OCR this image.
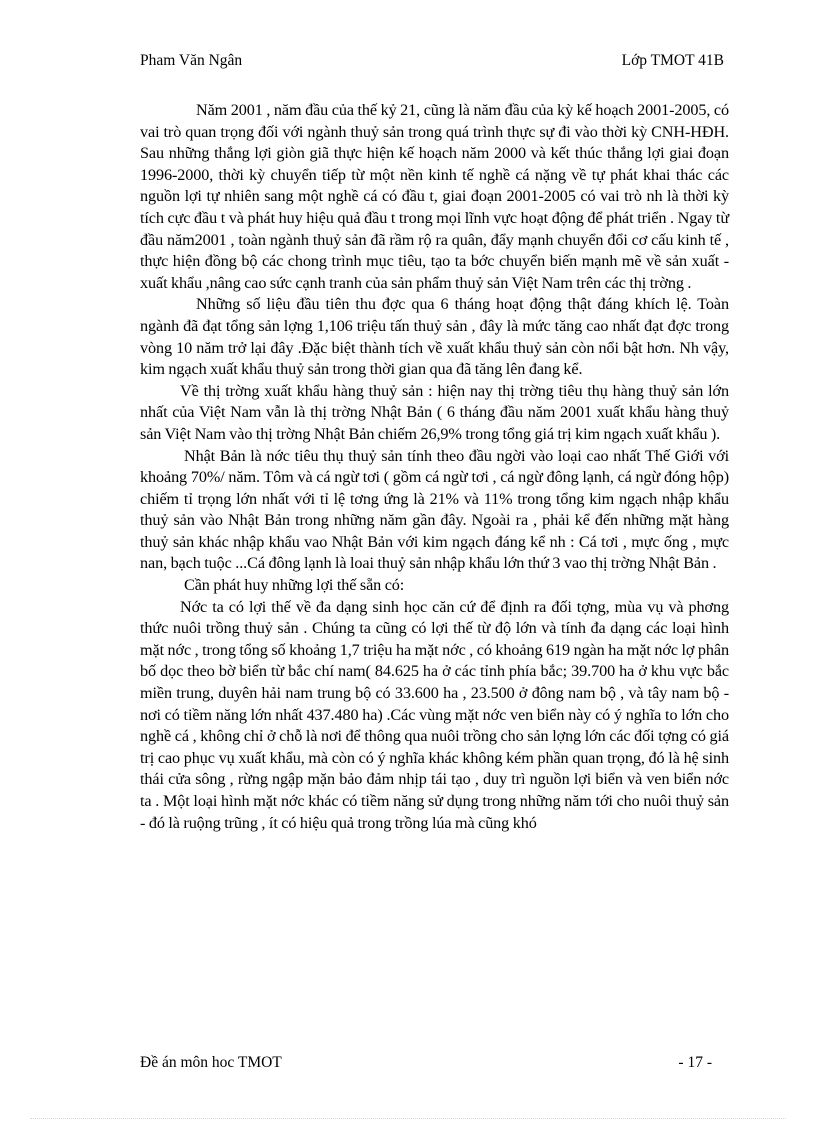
Pham Văn Ngân	Lớp TMOT 41B

Năm 2001 , năm đầu của thế kỷ 21, cũng là năm đầu của kỳ kế hoạch 2001-2005, có vai trò quan trọng đối với ngành thuỷ sản trong quá trình thực sự đi vào thời kỳ CNH-HĐH. Sau những thắng lợi giòn giã thực hiện kế hoạch năm 2000 và kết thúc thắng lợi giai đoạn 1996-2000, thời kỳ chuyển tiếp từ một nền kinh tế nghề cá nặng về tự phát khai thác các nguồn lợi tự nhiên sang một nghề cá có đầu t, giai đoạn 2001-2005 có vai trò nh là thời kỳ tích cực đầu t và phát huy hiệu quả đầu t trong mọi lĩnh vực hoạt động để phát triển . Ngay từ đầu năm2001 , toàn ngành thuỷ sản đã rầm rộ ra quân, đẩy mạnh chuyển đổi cơ cấu kinh tế , thực hiện đồng bộ các chong trình mục tiêu, tạo ta bớc chuyển biến mạnh mẽ về sản xuất -xuất khẩu ,nâng cao sức cạnh tranh của sản phẩm thuỷ sản Việt Nam trên các thị trờng .

Những số liệu đầu tiên thu đợc qua 6 tháng hoạt động thật đáng khích lệ. Toàn ngành đã đạt tổng sản lợng 1,106 triệu tấn thuỷ sản , đây là mức tăng cao nhất đạt đợc trong vòng 10 năm trở lại đây .Đặc biệt thành tích về xuất khẩu thuỷ sản còn nổi bật hơn. Nh vậy, kim ngạch xuất khẩu thuỷ sản trong thời gian qua đã tăng lên đang kể.

Về thị trờng xuất khẩu hàng thuỷ sản : hiện nay thị trờng tiêu thụ hàng thuỷ sản lớn nhất của Việt Nam vẫn là thị trờng Nhật Bản ( 6 tháng đầu năm 2001 xuất khẩu hàng thuỷ sản Việt Nam vào thị trờng Nhật Bản chiếm 26,9% trong tổng giá trị kim ngạch xuất khẩu ).

Nhật Bản là nớc tiêu thụ thuỷ sản tính theo đầu ngời vào loại cao nhất Thế Giới với khoảng 70%/ năm. Tôm và cá ngừ tơi ( gồm cá ngừ tơi , cá ngừ đông lạnh, cá ngừ đóng hộp) chiếm tỉ trọng lớn nhất với tỉ lệ tơng ứng là 21% và 11% trong tổng kim ngạch nhập khẩu thuỷ sản vào Nhật Bản trong những năm gần đây. Ngoài ra , phải kể đến những mặt hàng thuỷ sản khác nhập khẩu vao Nhật Bản với kim ngạch đáng kể nh : Cá tơi , mực ống , mực nan, bạch tuộc ...Cá đông lạnh là loai thuỷ sản nhập khẩu lớn thứ 3 vao thị trờng Nhật Bản .

Cần phát huy những lợi thế sẵn có:

Nớc ta có lợi thế về đa dạng sinh học căn cứ để định ra đối tợng, mùa vụ và phơng thức nuôi trồng thuỷ sản . Chúng ta cũng có lợi thế từ độ lớn và tính đa dạng các loại hình mặt nớc , trong tổng số khoảng 1,7 triệu ha mặt nớc , có khoảng 619 ngàn ha mặt nớc lợ phân bố dọc theo bờ biển từ bắc chí nam( 84.625 ha ở các tỉnh phía bắc; 39.700 ha ở khu vực bắc miền trung, duyên hải nam trung bộ có 33.600 ha , 23.500 ở đông nam bộ , và tây nam bộ - nơi có tiềm năng lớn nhất 437.480 ha) .Các vùng mặt nớc ven biển này có ý nghĩa to lớn cho nghề cá , không chỉ ở chỗ là nơi để thông qua nuôi trồng cho sản lợng lớn các đối tợng có giá trị cao phục vụ xuất khẩu, mà còn có ý nghĩa khác không kém phần quan trọng, đó là hệ sinh thái cửa sông , rừng ngập mặn bảo đảm nhịp tái tạo , duy trì nguồn lợi biển và ven biển nớc ta . Một loại hình mặt nớc khác có tiềm năng sử dụng trong những năm tới cho nuôi thuỷ sản - đó là ruộng trũng , ít có hiệu quả trong trồng lúa mà cũng khó

Đề án môn hoc TMOT	- 17 -
